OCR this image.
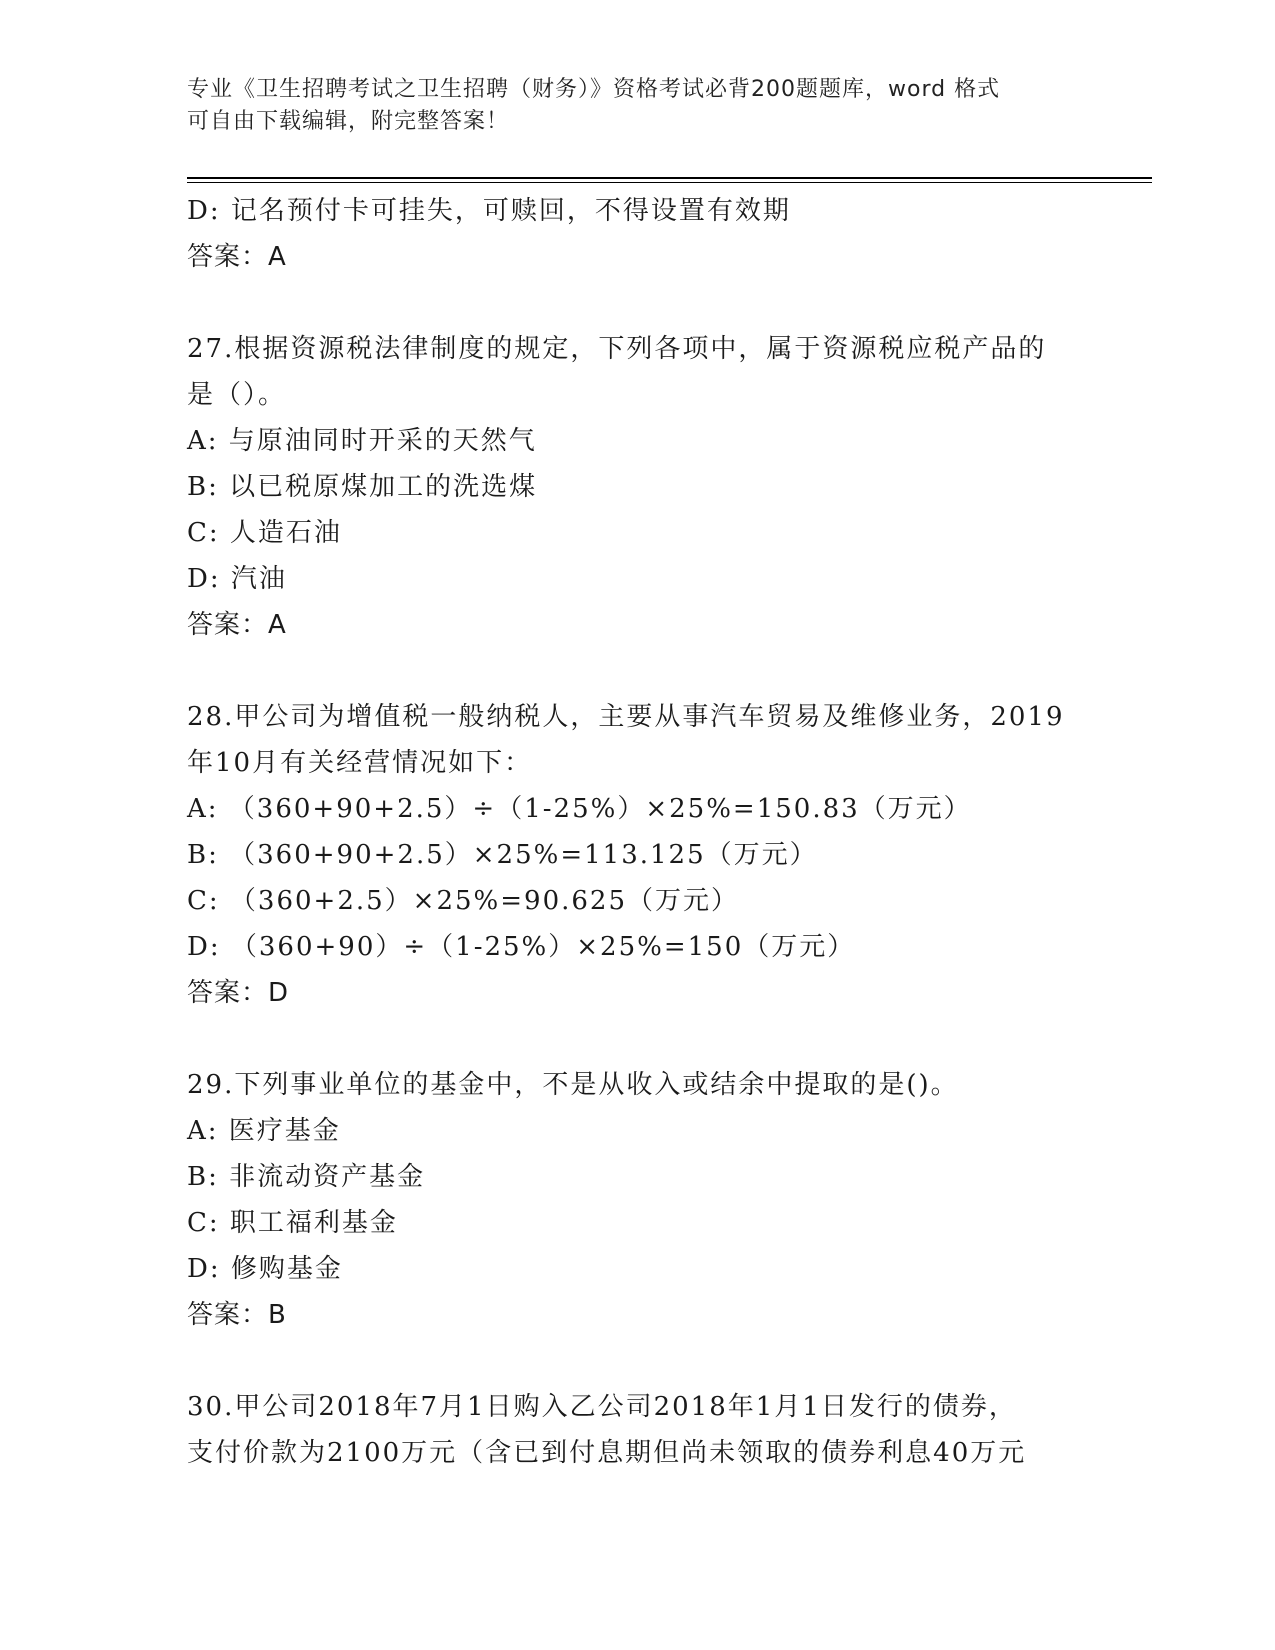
专业《卫生招聘考试之卫生招聘（财务）》资格考试必背200题题库，word 格式
可自由下载编辑，附完整答案！
D: 记名预付卡可挂失，可赎回，不得设置有效期
答案：A
27.根据资源税法律制度的规定，下列各项中，属于资源税应税产品的
是（）。
A: 与原油同时开采的天然气
B: 以已税原煤加工的洗选煤
C: 人造石油
D: 汽油
答案：A
28.甲公司为增值税一般纳税人，主要从事汽车贸易及维修业务，2019
年10月有关经营情况如下：
A: （360+90+2.5）÷（1-25%）×25%=150.83（万元）
B: （360+90+2.5）×25%=113.125（万元）
C: （360+2.5）×25%=90.625（万元）
D: （360+90）÷（1-25%）×25%=150（万元）
答案：D
29.下列事业单位的基金中，不是从收入或结余中提取的是()。
A: 医疗基金
B: 非流动资产基金
C: 职工福利基金
D: 修购基金
答案：B
30.甲公司2018年7月1日购入乙公司2018年1月1日发行的债券，
支付价款为2100万元（含已到付息期但尚未领取的债券利息40万元
